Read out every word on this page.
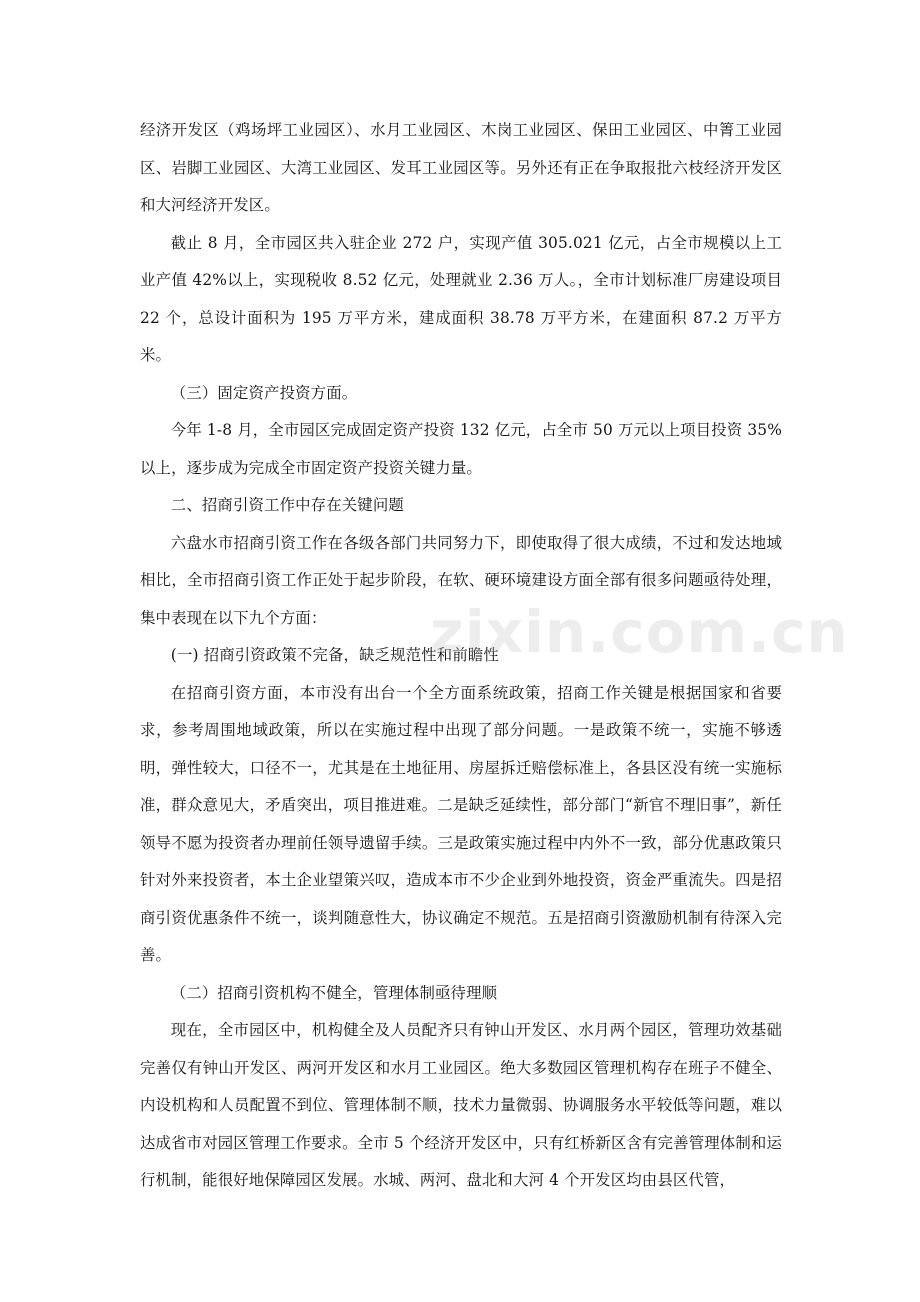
经济开发区（鸡场坪工业园区）、水月工业园区、木岗工业园区、保田工业园区、中箐工业园区、岩脚工业园区、大湾工业园区、发耳工业园区等。另外还有正在争取报批六枝经济开发区和大河经济开发区。

截止 8 月，全市园区共入驻企业 272 户，实现产值 305.021 亿元，占全市规模以上工业产值 42%以上，实现税收 8.52 亿元，处理就业 2.36 万人。，全市计划标准厂房建设项目 22 个，总设计面积为 195 万平方米，建成面积 38.78 万平方米，在建面积 87.2 万平方米。

（三）固定资产投资方面。

今年 1-8 月，全市园区完成固定资产投资 132 亿元，占全市 50 万元以上项目投资 35%以上，逐步成为完成全市固定资产投资关键力量。

二、招商引资工作中存在关键问题

六盘水市招商引资工作在各级各部门共同努力下，即使取得了很大成绩，不过和发达地域相比，全市招商引资工作正处于起步阶段，在软、硬环境建设方面全部有很多问题亟待处理，集中表现在以下九个方面：

(一) 招商引资政策不完备，缺乏规范性和前瞻性

在招商引资方面，本市没有出台一个全方面系统政策，招商工作关键是根据国家和省要求，参考周围地域政策，所以在实施过程中出现了部分问题。一是政策不统一，实施不够透明，弹性较大，口径不一，尤其是在土地征用、房屋拆迁赔偿标准上，各县区没有统一实施标准，群众意见大，矛盾突出，项目推进难。二是缺乏延续性，部分部门“新官不理旧事”，新任领导不愿为投资者办理前任领导遗留手续。三是政策实施过程中内外不一致，部分优惠政策只针对外来投资者，本土企业望策兴叹，造成本市不少企业到外地投资，资金严重流失。四是招商引资优惠条件不统一，谈判随意性大，协议确定不规范。五是招商引资激励机制有待深入完善。

（二）招商引资机构不健全，管理体制亟待理顺

现在，全市园区中，机构健全及人员配齐只有钟山开发区、水月两个园区，管理功效基础完善仅有钟山开发区、两河开发区和水月工业园区。绝大多数园区管理机构存在班子不健全、内设机构和人员配置不到位、管理体制不顺，技术力量微弱、协调服务水平较低等问题，难以达成省市对园区管理工作要求。全市 5 个经济开发区中，只有红桥新区含有完善管理体制和运行机制，能很好地保障园区发展。水城、两河、盘北和大河 4 个开发区均由县区代管，

zixin.com.cn
